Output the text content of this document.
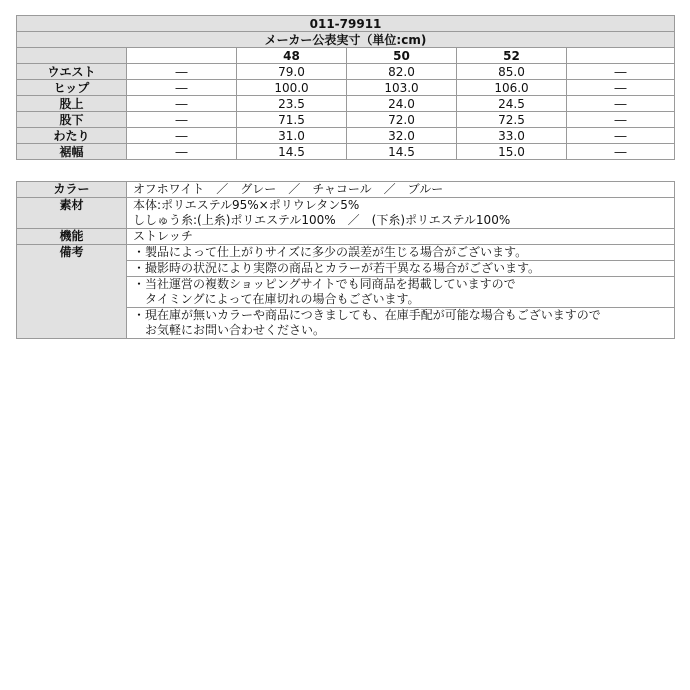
011-79911					
メーカー公表実寸（単位:cm)					
		48	50	52	
ウエスト	―	79.0	82.0	85.0	―
ヒップ	―	100.0	103.0	106.0	―
股上	―	23.5	24.0	24.5	―
股下	―	71.5	72.0	72.5	―
わたり	―	31.0	32.0	33.0	―
裾幅	―	14.5	14.5	15.0	―
カラー	オフホワイト　／　グレー　／　チャコール　／　ブルー

素材	本体:ポリエステル95%×ポリウレタン5%
ししゅう糸:(上糸)ポリエステル100%　／　(下糸)ポリエステル100%

機能	ストレッチ

備考	・製品によって仕上がりサイズに多少の誤差が生じる場合がございます。

	・撮影時の状況により実際の商品とカラーが若干異なる場合がございます。

	・当社運営の複数ショッピングサイトでも同商品を掲載していますので
　タイミングによって在庫切れの場合もございます。

	・現在庫が無いカラーや商品につきましても、在庫手配が可能な場合もございますので
　お気軽にお問い合わせください。
